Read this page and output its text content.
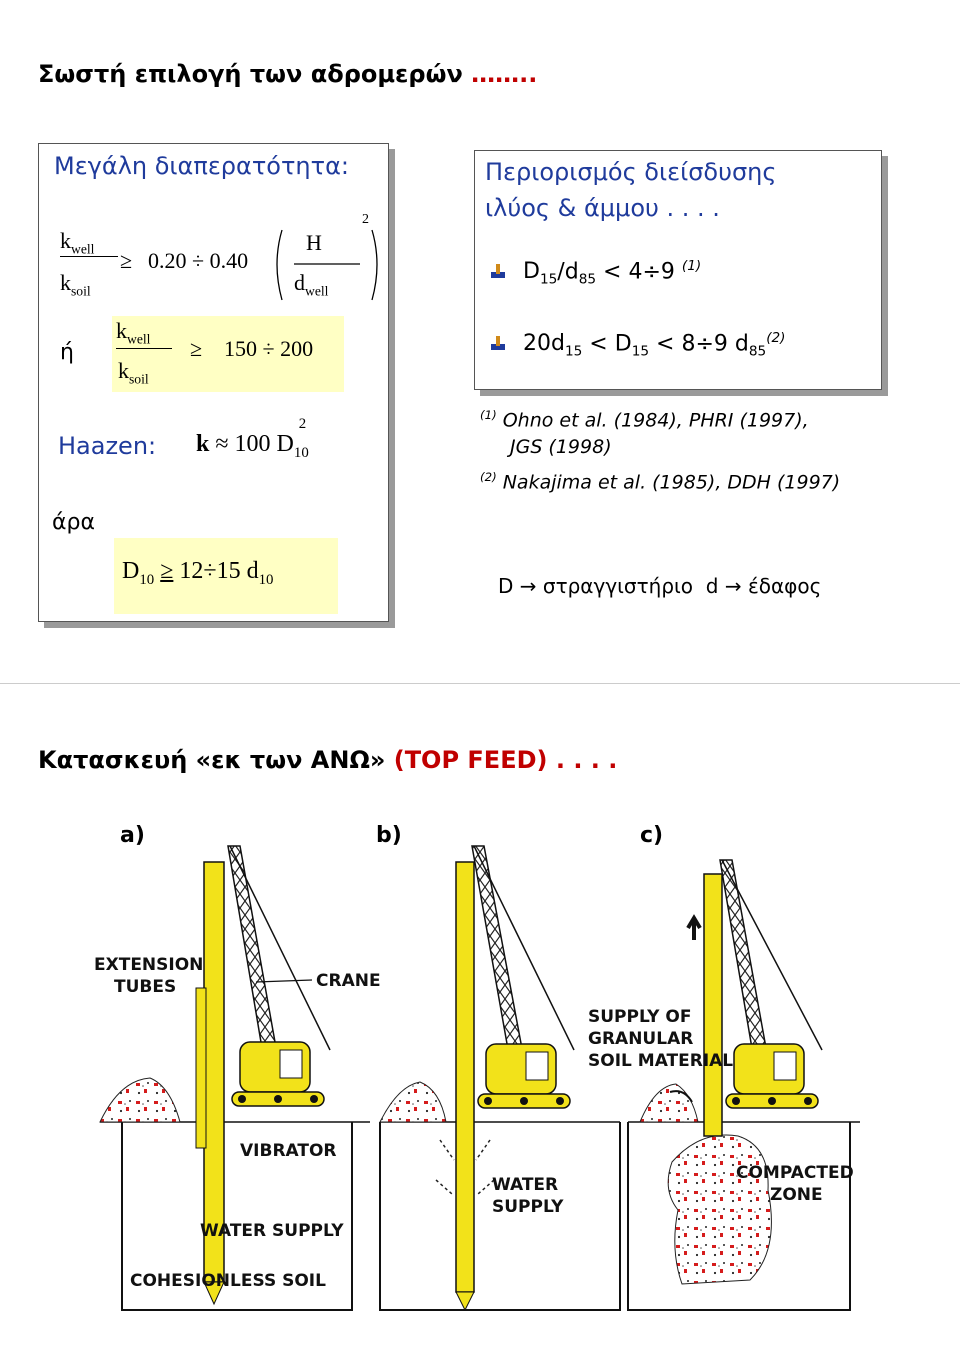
Σωστή επιλογή των αδρομερών ……..
Μεγάλη διαπερατότητα:
$k_{well}$
$k_{soil}$
≥ 0.20 ÷ 0.40
H
$d_{well}$
2
ή
$k_{well}$
$k_{soil}$
≥ 150 ÷ 200
Haazen: k ≈ 100 $D_{10}^2$
άρα
$D_{10} \ge 12\div 15$ $d_{10}$
Περιορισμός διείσδυσης
ιλύος & άμμου . . . .
$D_{15}/d_{85} < 4\div 9$ $^{(1)}$
$20d_{15} < D_{15} < 8\div 9$ $d_{85}^{(2)}$
$^{(1)}$ Ohno et al. (1984), PHRI (1997),
JGS (1998)
$^{(2)}$ Nakajima et al. (1985), DDH (1997)
D → στραγγιστήριο d → έδαφος
Κατασκευή «εκ των ΑΝΩ» (TOP FEED) . . . .
a)	b)	c)
EXTENSION
TUBES	CRANE
VIBRATOR
WATER SUPPLY
COHESIONLESS SOIL
WATER
SUPPLY
SUPPLY OF
GRANULAR
SOIL MATERIAL
COMPACTED
ZONE
